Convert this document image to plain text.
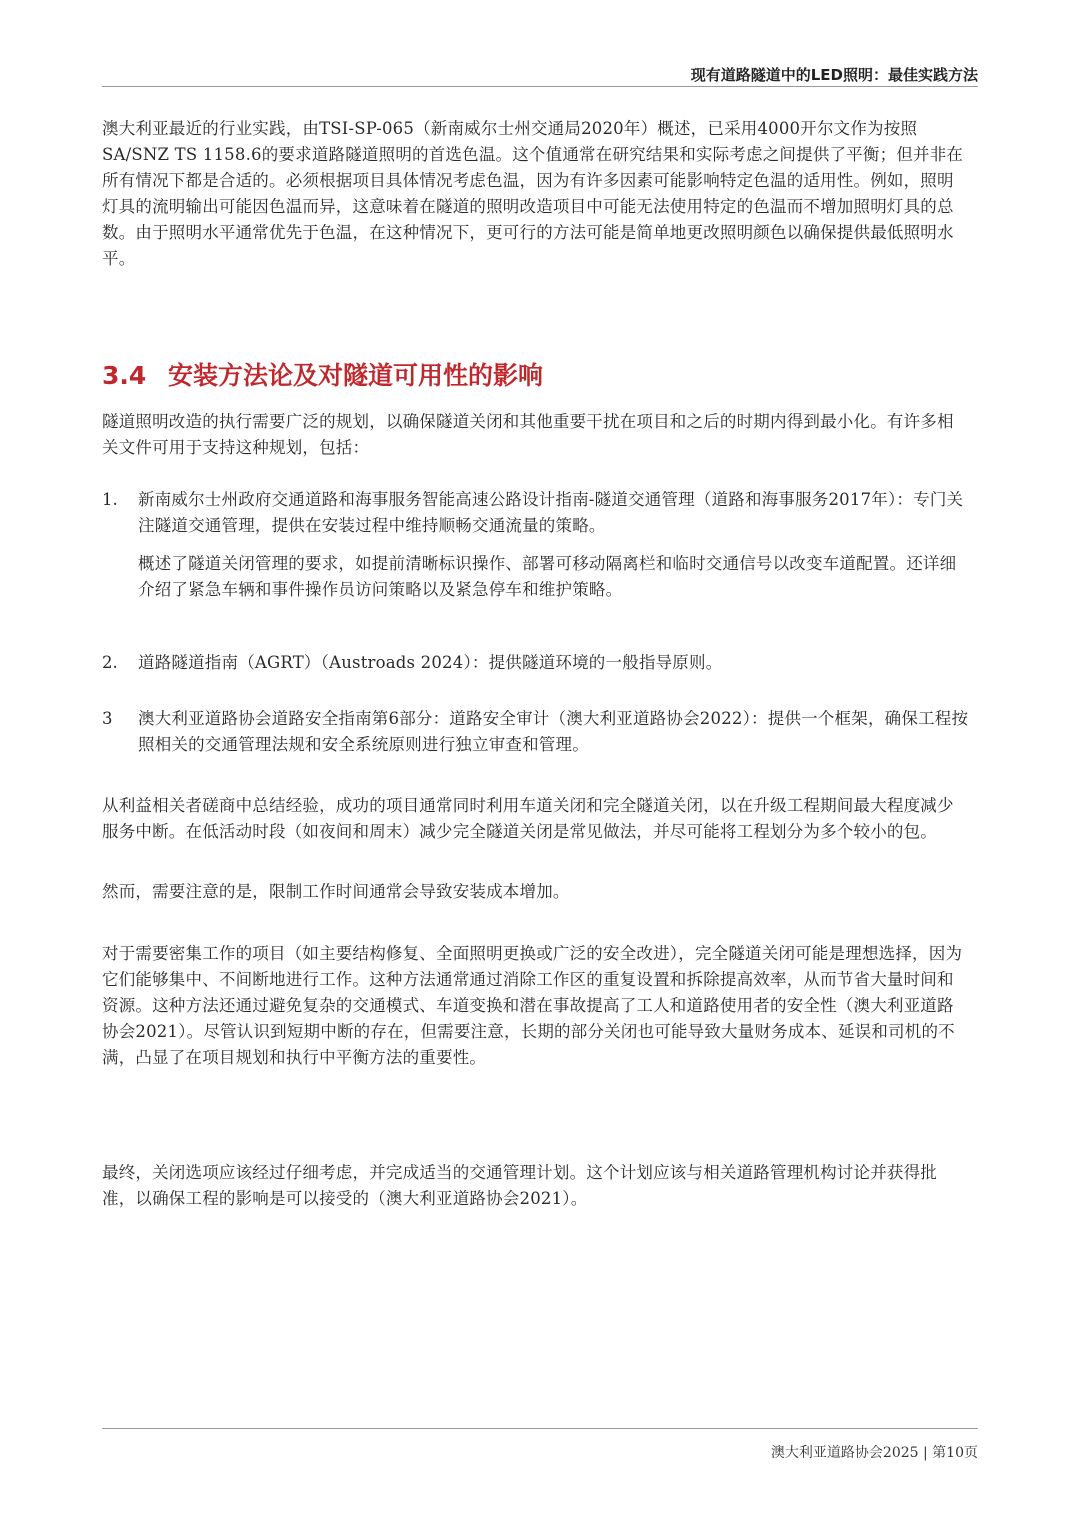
现有道路隧道中的LED照明：最佳实践方法

澳大利亚最近的行业实践，由TSI-SP-065（新南威尔士州交通局2020年）概述，已采用4000开尔文作为按照SA/SNZ TS 1158.6的要求道路隧道照明的首选色温。这个值通常在研究结果和实际考虑之间提供了平衡；但并非在所有情况下都是合适的。必须根据项目具体情况考虑色温，因为有许多因素可能影响特定色温的适用性。例如，照明灯具的流明输出可能因色温而异，这意味着在隧道的照明改造项目中可能无法使用特定的色温而不增加照明灯具的总数。由于照明水平通常优先于色温，在这种情况下，更可行的方法可能是简单地更改照明颜色以确保提供最低照明水平。

3.4 安装方法论及对隧道可用性的影响

隧道照明改造的执行需要广泛的规划，以确保隧道关闭和其他重要干扰在项目和之后的时期内得到最小化。有许多相关文件可用于支持这种规划，包括：

1. 新南威尔士州政府交通道路和海事服务智能高速公路设计指南-隧道交通管理（道路和海事服务2017年）：专门关注隧道交通管理，提供在安装过程中维持顺畅交通流量的策略。

概述了隧道关闭管理的要求，如提前清晰标识操作、部署可移动隔离栏和临时交通信号以改变车道配置。还详细介绍了紧急车辆和事件操作员访问策略以及紧急停车和维护策略。

2. 道路隧道指南（AGRT）（Austroads 2024）：提供隧道环境的一般指导原则。

3 澳大利亚道路协会道路安全指南第6部分：道路安全审计（澳大利亚道路协会2022）：提供一个框架，确保工程按照相关的交通管理法规和安全系统原则进行独立审查和管理。

从利益相关者磋商中总结经验，成功的项目通常同时利用车道关闭和完全隧道关闭，以在升级工程期间最大程度减少服务中断。在低活动时段（如夜间和周末）减少完全隧道关闭是常见做法，并尽可能将工程划分为多个较小的包。

然而，需要注意的是，限制工作时间通常会导致安装成本增加。

对于需要密集工作的项目（如主要结构修复、全面照明更换或广泛的安全改进），完全隧道关闭可能是理想选择，因为它们能够集中、不间断地进行工作。这种方法通常通过消除工作区的重复设置和拆除提高效率，从而节省大量时间和资源。这种方法还通过避免复杂的交通模式、车道变换和潜在事故提高了工人和道路使用者的安全性（澳大利亚道路协会2021）。尽管认识到短期中断的存在，但需要注意，长期的部分关闭也可能导致大量财务成本、延误和司机的不满，凸显了在项目规划和执行中平衡方法的重要性。

最终，关闭选项应该经过仔细考虑，并完成适当的交通管理计划。这个计划应该与相关道路管理机构讨论并获得批准，以确保工程的影响是可以接受的（澳大利亚道路协会2021）。

澳大利亚道路协会2025 | 第10页
